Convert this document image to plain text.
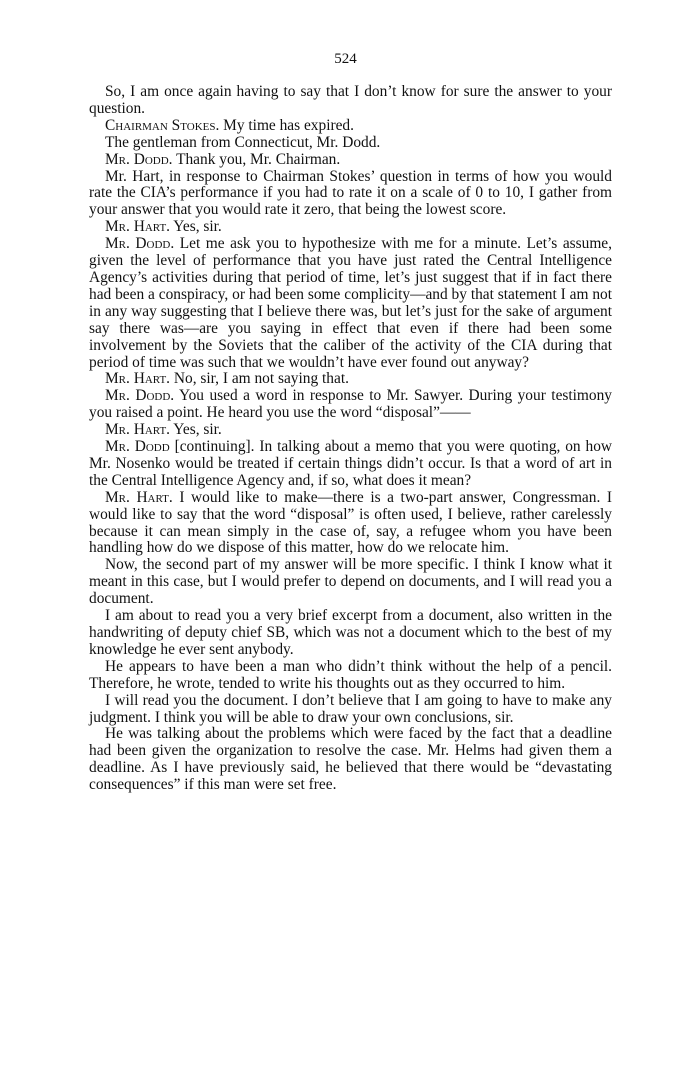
524

So, I am once again having to say that I don’t know for sure the answer to your question.

Chairman Stokes. My time has expired.

The gentleman from Connecticut, Mr. Dodd.

Mr. Dodd. Thank you, Mr. Chairman.

Mr. Hart, in response to Chairman Stokes’ question in terms of how you would rate the CIA’s performance if you had to rate it on a scale of 0 to 10, I gather from your answer that you would rate it zero, that being the lowest score.

Mr. Hart. Yes, sir.

Mr. Dodd. Let me ask you to hypothesize with me for a minute. Let’s assume, given the level of performance that you have just rated the Central Intelligence Agency’s activities during that period of time, let’s just suggest that if in fact there had been a conspiracy, or had been some complicity—and by that statement I am not in any way suggesting that I believe there was, but let’s just for the sake of argument say there was—are you saying in effect that even if there had been some involvement by the Soviets that the caliber of the activity of the CIA during that period of time was such that we wouldn’t have ever found out anyway?

Mr. Hart. No, sir, I am not saying that.

Mr. Dodd. You used a word in response to Mr. Sawyer. During your testimony you raised a point. He heard you use the word “disposal”——

Mr. Hart. Yes, sir.

Mr. Dodd [continuing]. In talking about a memo that you were quoting, on how Mr. Nosenko would be treated if certain things didn’t occur. Is that a word of art in the Central Intelligence Agency and, if so, what does it mean?

Mr. Hart. I would like to make—there is a two-part answer, Congressman. I would like to say that the word “disposal” is often used, I believe, rather carelessly because it can mean simply in the case of, say, a refugee whom you have been handling how do we dispose of this matter, how do we relocate him.

Now, the second part of my answer will be more specific. I think I know what it meant in this case, but I would prefer to depend on documents, and I will read you a document.

I am about to read you a very brief excerpt from a document, also written in the handwriting of deputy chief SB, which was not a document which to the best of my knowledge he ever sent anybody.

He appears to have been a man who didn’t think without the help of a pencil. Therefore, he wrote, tended to write his thoughts out as they occurred to him.

I will read you the document. I don’t believe that I am going to have to make any judgment. I think you will be able to draw your own conclusions, sir.

He was talking about the problems which were faced by the fact that a deadline had been given the organization to resolve the case. Mr. Helms had given them a deadline. As I have previously said, he believed that there would be “devastating consequences” if this man were set free.
